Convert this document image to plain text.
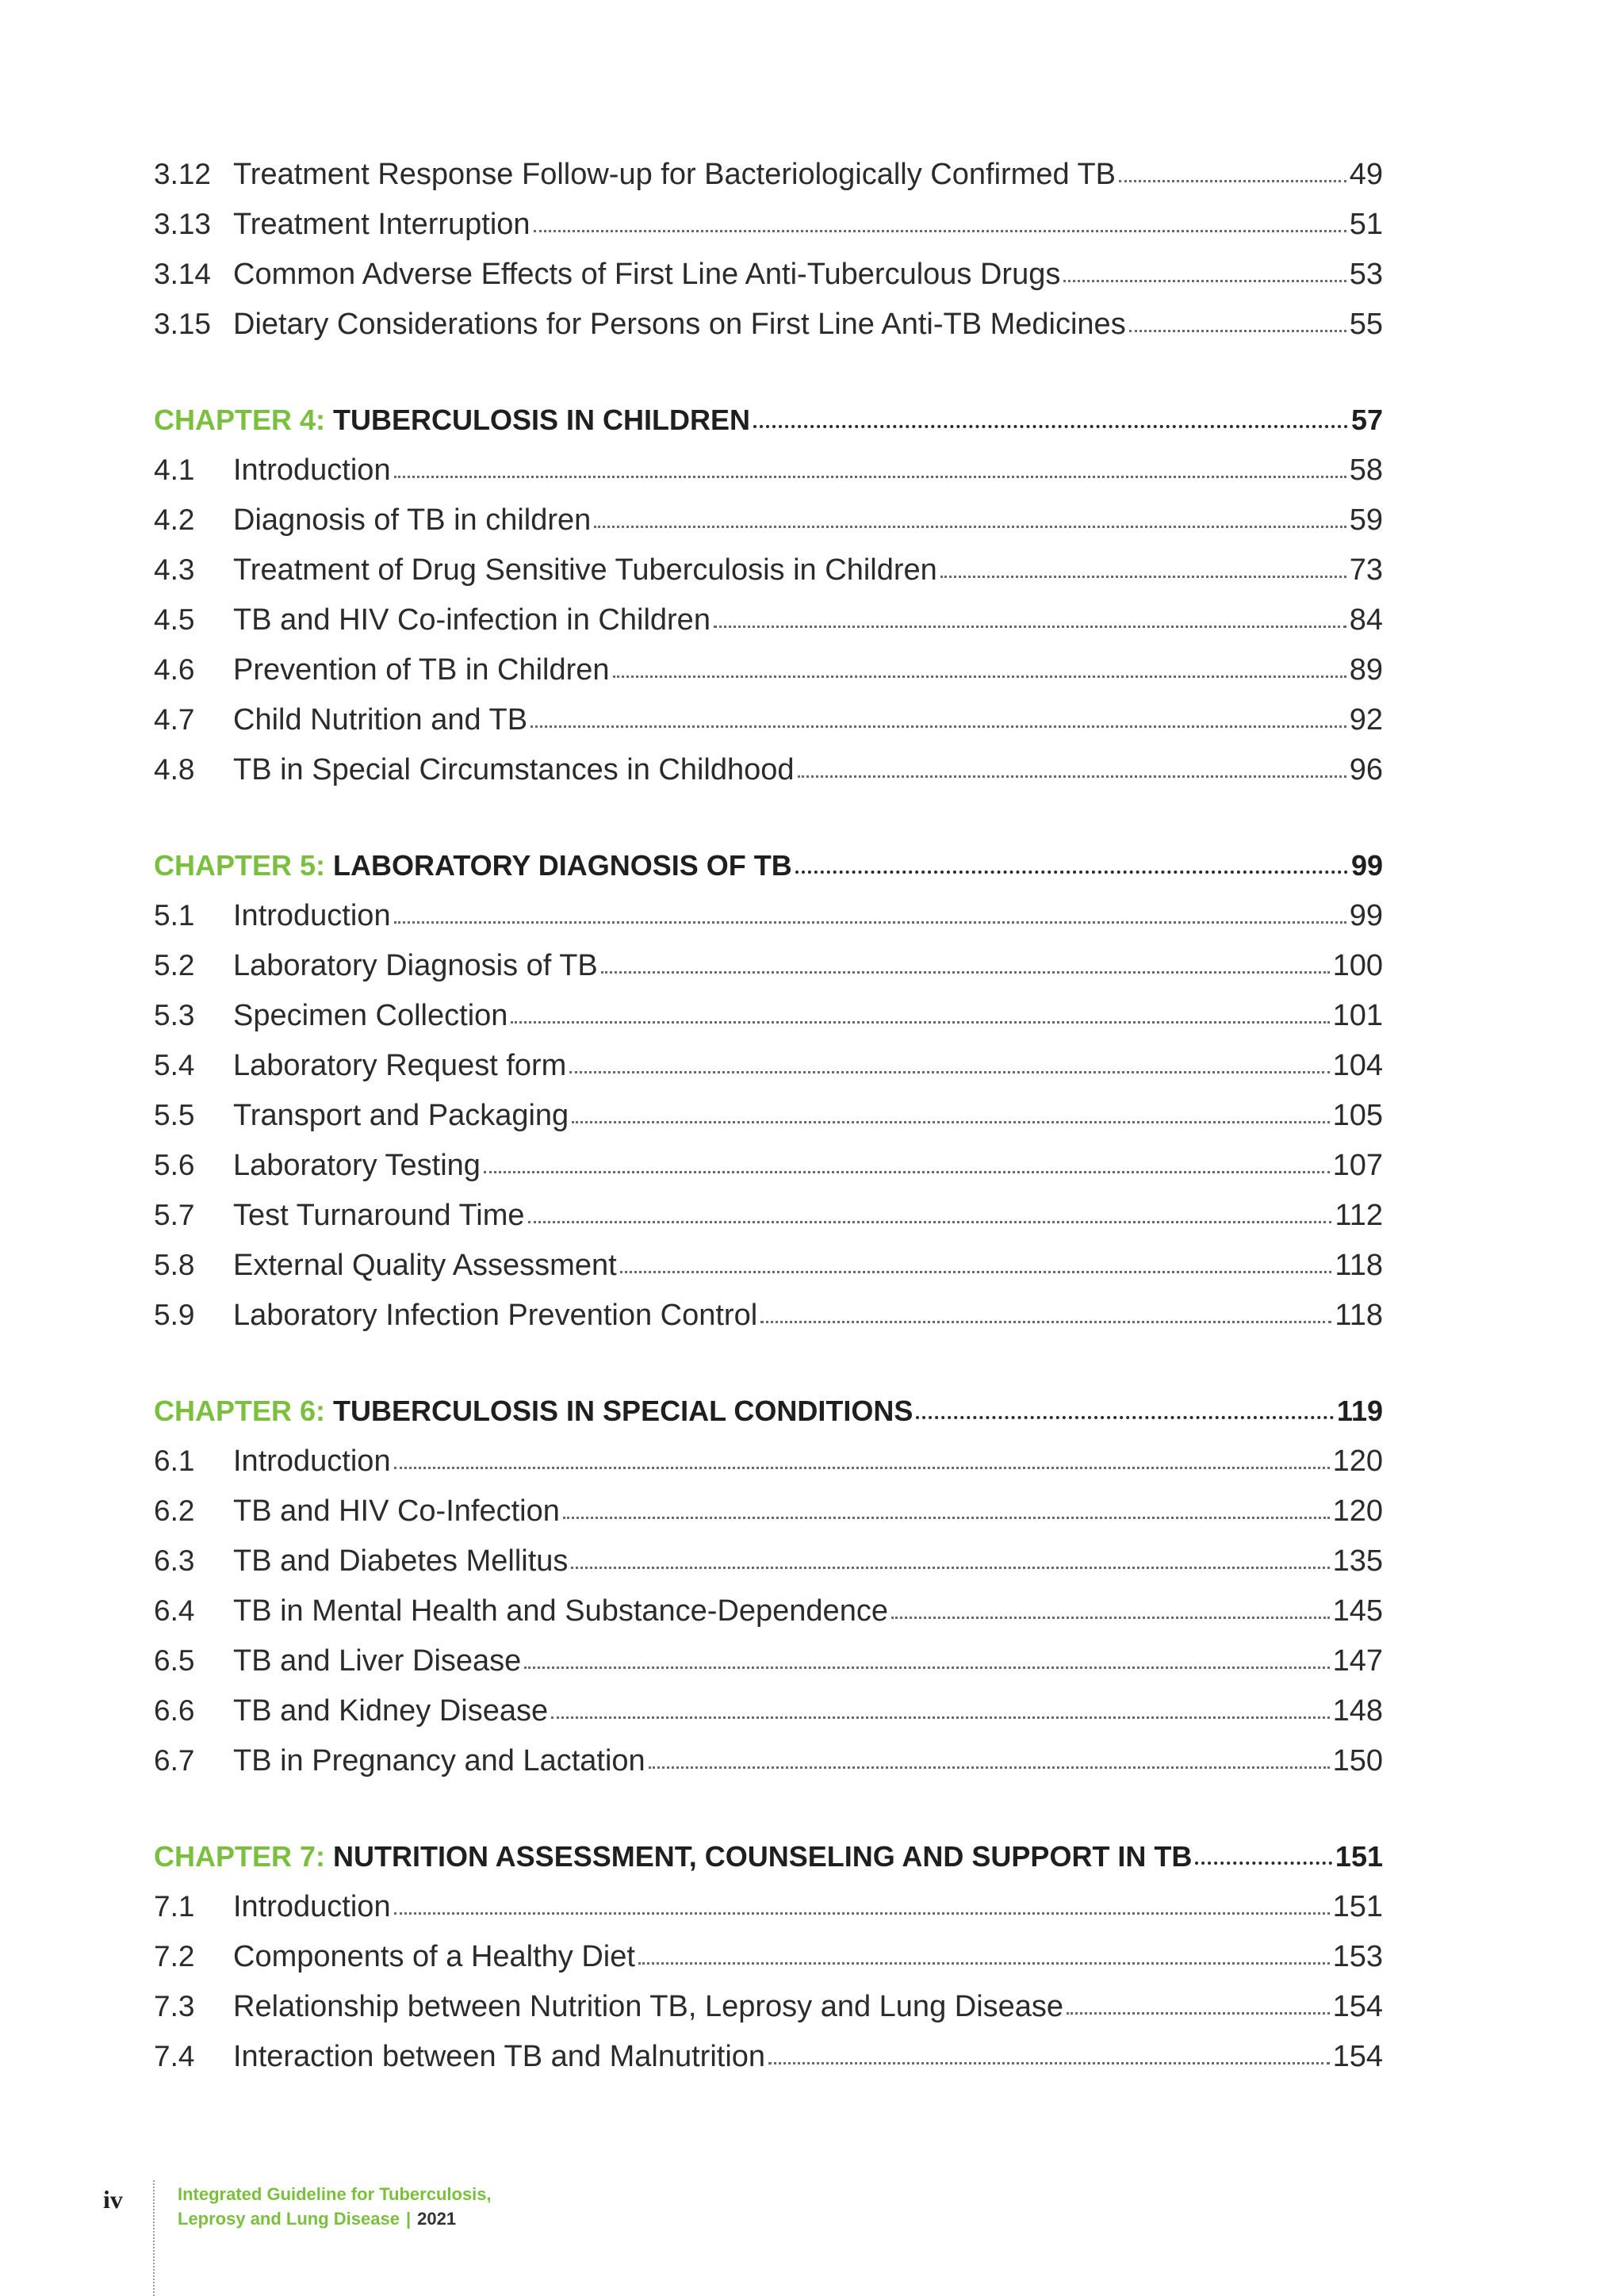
3.12 Treatment Response Follow-up for Bacteriologically Confirmed TB	49
3.13 Treatment Interruption	51
3.14 Common Adverse Effects of First Line Anti-Tuberculous Drugs	53
3.15 Dietary Considerations for Persons on First Line Anti-TB Medicines	55
CHAPTER 4: TUBERCULOSIS IN CHILDREN	57
4.1	Introduction	58
4.2	Diagnosis of TB in children	59
4.3	Treatment of Drug Sensitive Tuberculosis in Children	73
4.5	TB and HIV Co-infection in Children	84
4.6	Prevention of TB in Children	89
4.7	Child Nutrition and TB	92
4.8	TB in Special Circumstances in Childhood	96
CHAPTER 5: LABORATORY DIAGNOSIS OF TB	99
5.1	Introduction	99
5.2	Laboratory Diagnosis of TB	100
5.3	Specimen Collection	101
5.4	Laboratory Request form	104
5.5	Transport and Packaging	105
5.6	Laboratory Testing	107
5.7	Test Turnaround Time	112
5.8	External Quality Assessment	118
5.9	Laboratory Infection Prevention Control	118
CHAPTER 6: TUBERCULOSIS IN SPECIAL CONDITIONS	119
6.1	Introduction	120
6.2	TB and HIV Co-Infection	120
6.3	TB and Diabetes Mellitus	135
6.4	TB in Mental Health and Substance-Dependence	145
6.5	TB and Liver Disease	147
6.6	TB and Kidney Disease	148
6.7	TB in Pregnancy and Lactation	150
CHAPTER 7: NUTRITION ASSESSMENT, COUNSELING AND SUPPORT IN TB	151
7.1	Introduction	151
7.2	Components of a Healthy Diet	153
7.3	Relationship between Nutrition TB, Leprosy and Lung Disease	154
7.4	Interaction between TB and Malnutrition	154
iv	Integrated Guideline for Tuberculosis,
Leprosy and Lung Disease | 2021
